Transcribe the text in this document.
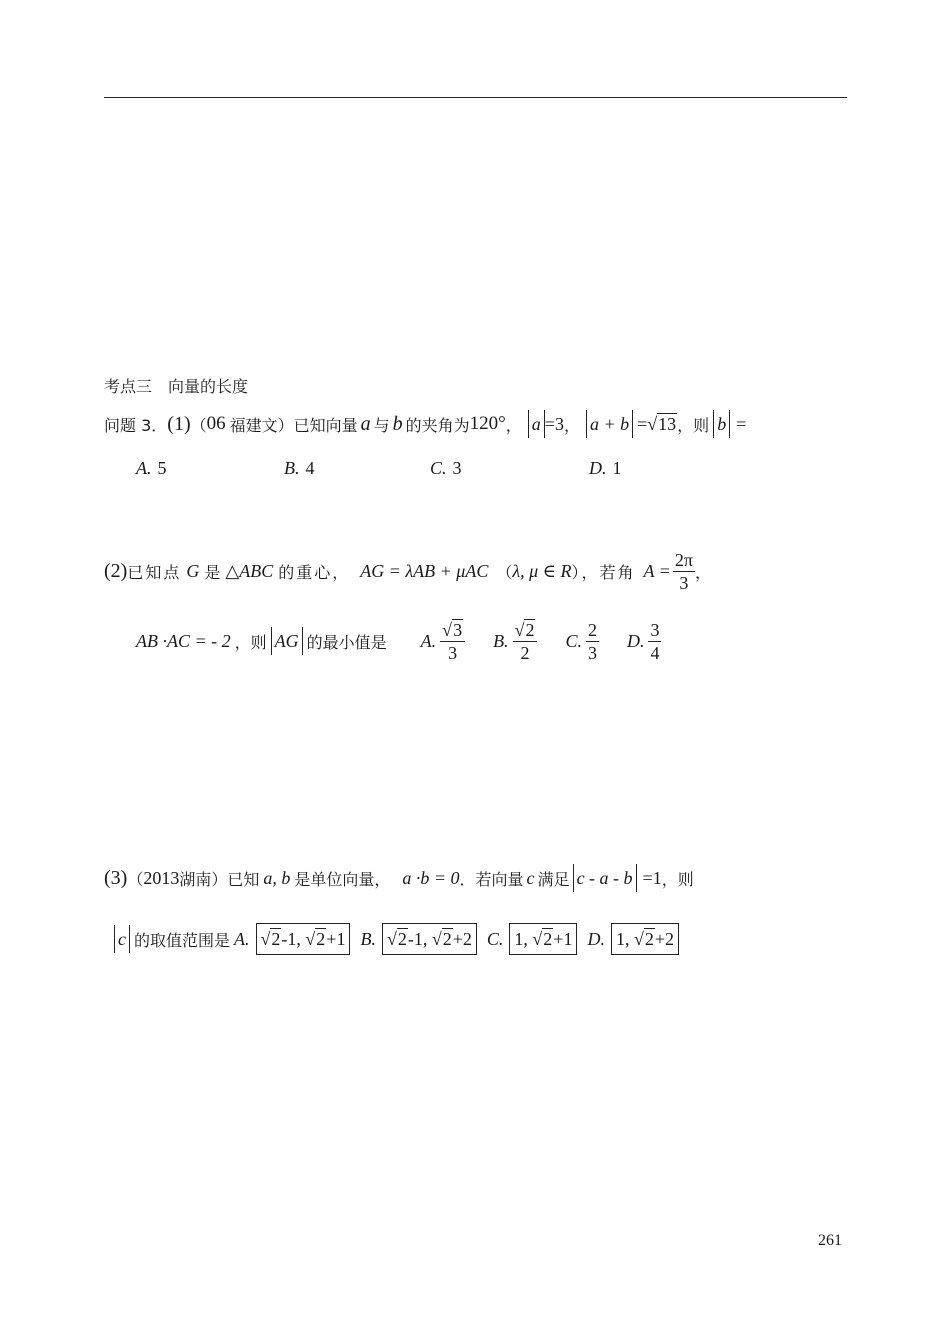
考点三　向量的长度
问题 3． (1) （ 06 福建文）已知向量 a 与 b 的夹角为 120° ， a =3 ， a + b = √13 ，则 b =
A. 5	B. 4	C. 3	D. 1
(2) 已知点 G 是 △ABC 的重心， AG = λAB + μAC （ λ, μ ∈ R ），若角 $A = \frac{2\pi}{3}$ ，
AB ·AC = - 2 ，则 AG 的最小值是 A. $\frac{√3}{3} B$. $\frac{√2}{2} C$. $\frac{2}{3} D$. $\frac{3}{4}$
(3) （ 2013 湖南）已知 a, b 是单位向量， a ·b = 0 ．若向量 c 满足 c - a - b =1 ，则
c 的取值范围是 A. √2-1, √2+1 B. √2-1, √2+2 C. 1, √2+1 D. 1, √2+2
261
